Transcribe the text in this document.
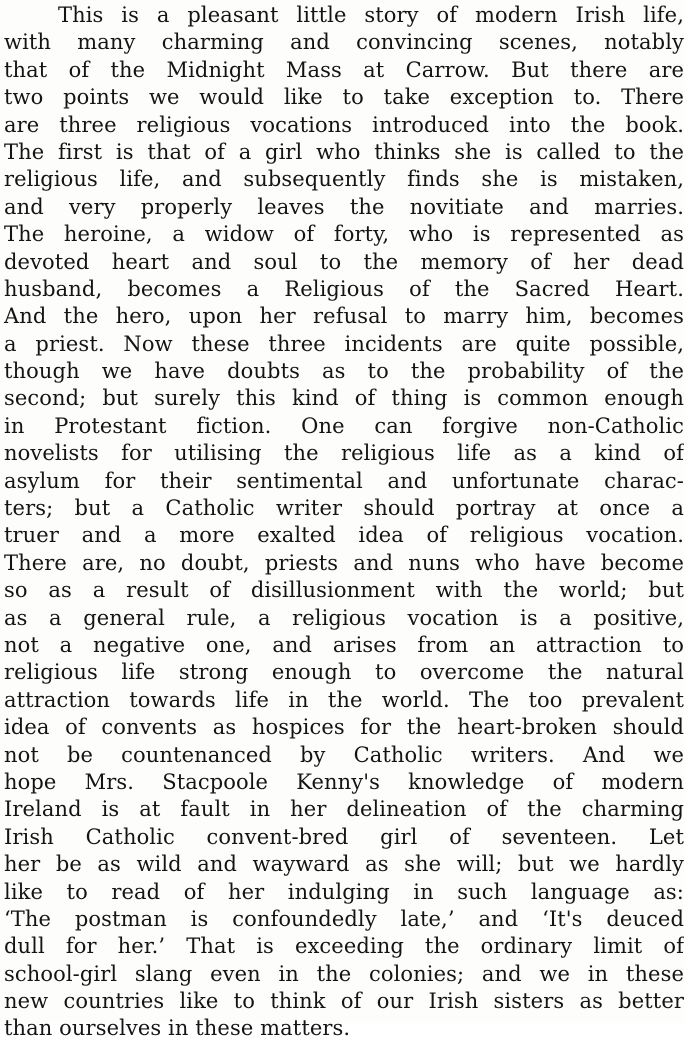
This is a pleasant little story of modern Irish life,
with many charming and convincing scenes, notably
that of the Midnight Mass at Carrow. But there are
two points we would like to take exception to. There
are three religious vocations introduced into the book.
The first is that of a girl who thinks she is called to the
religious life, and subsequently finds she is mistaken,
and very properly leaves the novitiate and marries.
The heroine, a widow of forty, who is represented as
devoted heart and soul to the memory of her dead
husband, becomes a Religious of the Sacred Heart.
And the hero, upon her refusal to marry him, becomes
a priest. Now these three incidents are quite possible,
though we have doubts as to the probability of the
second; but surely this kind of thing is common enough
in Protestant fiction. One can forgive non-Catholic
novelists for utilising the religious life as a kind of
asylum for their sentimental and unfortunate charac-
ters; but a Catholic writer should portray at once a
truer and a more exalted idea of religious vocation.
There are, no doubt, priests and nuns who have become
so as a result of disillusionment with the world; but
as a general rule, a religious vocation is a positive,
not a negative one, and arises from an attraction to
religious life strong enough to overcome the natural
attraction towards life in the world. The too prevalent
idea of convents as hospices for the heart-broken should
not be countenanced by Catholic writers. And we
hope Mrs. Stacpoole Kenny's knowledge of modern
Ireland is at fault in her delineation of the charming
Irish Catholic convent-bred girl of seventeen. Let
her be as wild and wayward as she will; but we hardly
like to read of her indulging in such language as:
‘The postman is confoundedly late,’ and ‘It's deuced
dull for her.’ That is exceeding the ordinary limit of
school-girl slang even in the colonies; and we in these
new countries like to think of our Irish sisters as better
than ourselves in these matters.
